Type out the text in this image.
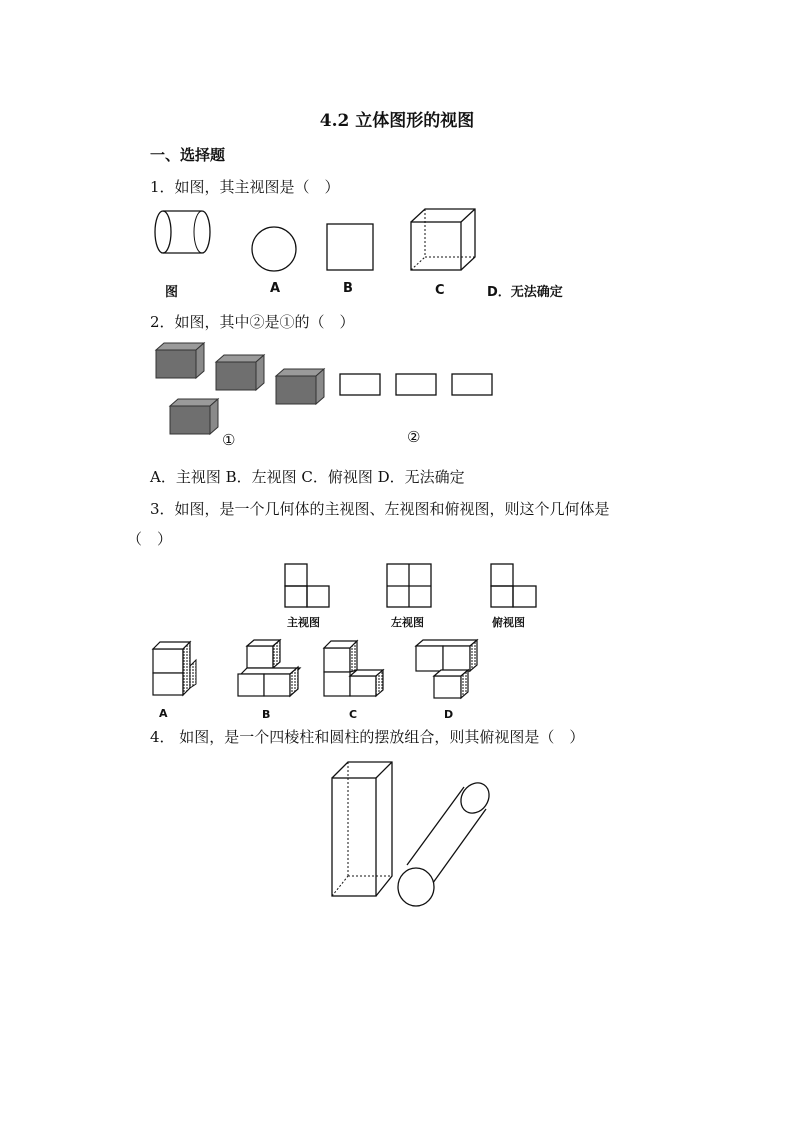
4.2 立体图形的视图
一、选择题
1．如图，其主视图是（　）
图	A	B	C	D．无法确定
2．如图，其中②是①的（　）
①	②
A．主视图 B．左视图 C．俯视图 D．无法确定
3．如图，是一个几何体的主视图、左视图和俯视图，则这个几何体是
（　）
主视图	左视图	俯视图
A	B	C	D
4． 如图，是一个四棱柱和圆柱的摆放组合，则其俯视图是（　）
